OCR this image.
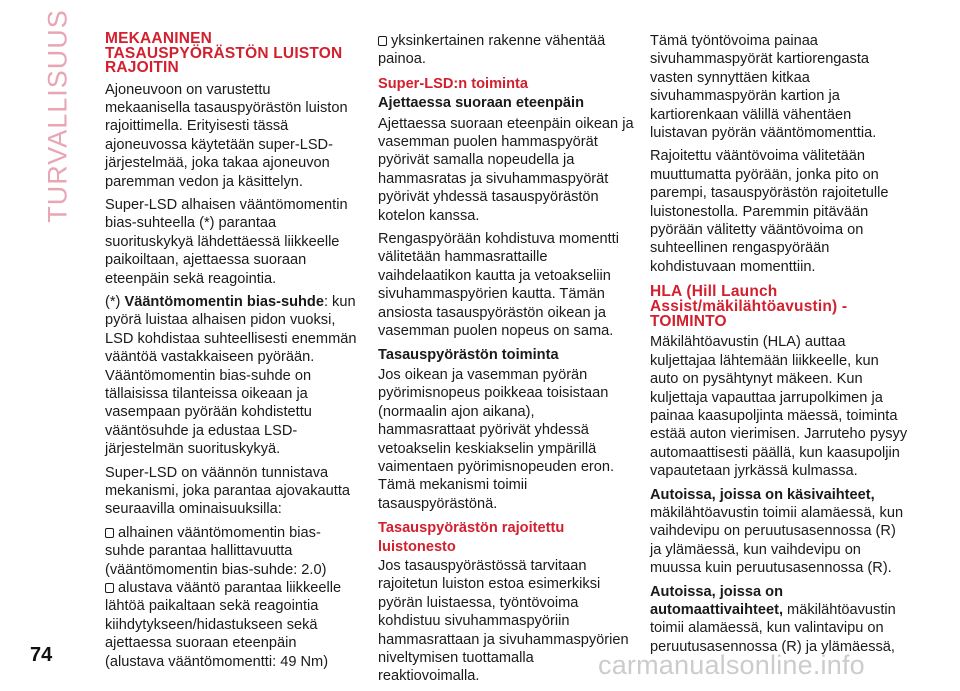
TURVALLISUUS MEKAANINEN TASAUSPYÖRÄSTÖN LUISTON RAJOITIN

Ajoneuvoon on varustettu mekaanisella tasauspyörästön luiston rajoittimella. Erityisesti tässä ajoneuvossa käytetään super-LSD-järjestelmää, joka takaa ajoneuvon paremman vedon ja käsittelyn.

Super-LSD alhaisen vääntömomentin bias-suhteella (*) parantaa suorituskykyä lähdettäessä liikkeelle paikoiltaan, ajettaessa suoraan eteenpäin sekä reagointia.

(*) Vääntömomentin bias-suhde: kun pyörä luistaa alhaisen pidon vuoksi, LSD kohdistaa suhteellisesti enemmän vääntöä vastakkaiseen pyörään. Vääntömomentin bias-suhde on tällaisissa tilanteissa oikeaan ja vasempaan pyörään kohdistettu vääntösuhde ja edustaa LSD-järjestelmän suorituskykyä.

Super-LSD on väännön tunnistava mekanismi, joka parantaa ajovakautta seuraavilla ominaisuuksilla:

alhainen vääntömomentin bias-suhde parantaa hallittavuutta (vääntömomentin bias-suhde: 2.0)

alustava vääntö parantaa liikkeelle lähtöä paikaltaan sekä reagointia kiihdytykseen/hidastukseen sekä ajettaessa suoraan eteenpäin (alustava vääntömomentti: 49 Nm)

yksinkertainen rakenne vähentää painoa.

Super-LSD:n toiminta
Ajettaessa suoraan eteenpäin

Ajettaessa suoraan eteenpäin oikean ja vasemman puolen hammaspyörät pyörivät samalla nopeudella ja hammasratas ja sivuhammaspyörät pyörivät yhdessä tasauspyörästön kotelon kanssa.

Rengaspyörään kohdistuva momentti välitetään hammasrattaille vaihdelaatikon kautta ja vetoakseliin sivuhammaspyörien kautta. Tämän ansiosta tasauspyörästön oikean ja vasemman puolen nopeus on sama.

Tasauspyörästön toiminta

Jos oikean ja vasemman pyörän pyörimisnopeus poikkeaa toisistaan (normaalin ajon aikana), hammasrattaat pyörivät yhdessä vetoakselin keskiakselin ympärillä vaimentaen pyörimisnopeuden eron. Tämä mekanismi toimii tasauspyörästönä.

Tasauspyörästön rajoitettu luistonesto

Jos tasauspyörästössä tarvitaan rajoitetun luiston estoa esimerkiksi pyörän luistaessa, työntövoima kohdistuu sivuhammaspyöriin hammasrattaan ja sivuhammaspyörien niveltymisen tuottamalla reaktiovoimalla.

Tämä työntövoima painaa sivuhammaspyörät kartiorengasta vasten synnyttäen kitkaa sivuhammaspyörän kartion ja kartiorenkaan välillä vähentäen luistavan pyörän vääntömomenttia.

Rajoitettu vääntövoima välitetään muuttumatta pyörään, jonka pito on parempi, tasauspyörästön rajoitetulle luistonestolla. Paremmin pitävään pyörään välitetty vääntövoima on suhteellinen rengaspyörään kohdistuvaan momenttiin.

HLA (Hill Launch Assist/mäkilähtöavustin) -TOIMINTO

Mäkilähtöavustin (HLA) auttaa kuljettajaa lähtemään liikkeelle, kun auto on pysähtynyt mäkeen. Kun kuljettaja vapauttaa jarrupolkimen ja painaa kaasupoljinta mäessä, toiminta estää auton vierimisen. Jarruteho pysyy automaattisesti päällä, kun kaasupoljin vapautetaan jyrkässä kulmassa.

Autoissa, joissa on käsivaihteet, mäkilähtöavustin toimii alamäessä, kun vaihdevipu on peruutusasennossa (R) ja ylämäessä, kun vaihdevipu on muussa kuin peruutusasennossa (R).

Autoissa, joissa on automaattivaihteet, mäkilähtöavustin toimii alamäessä, kun valintavipu on peruutusasennossa (R) ja ylämäessä,

74	carmanualsonline.info
